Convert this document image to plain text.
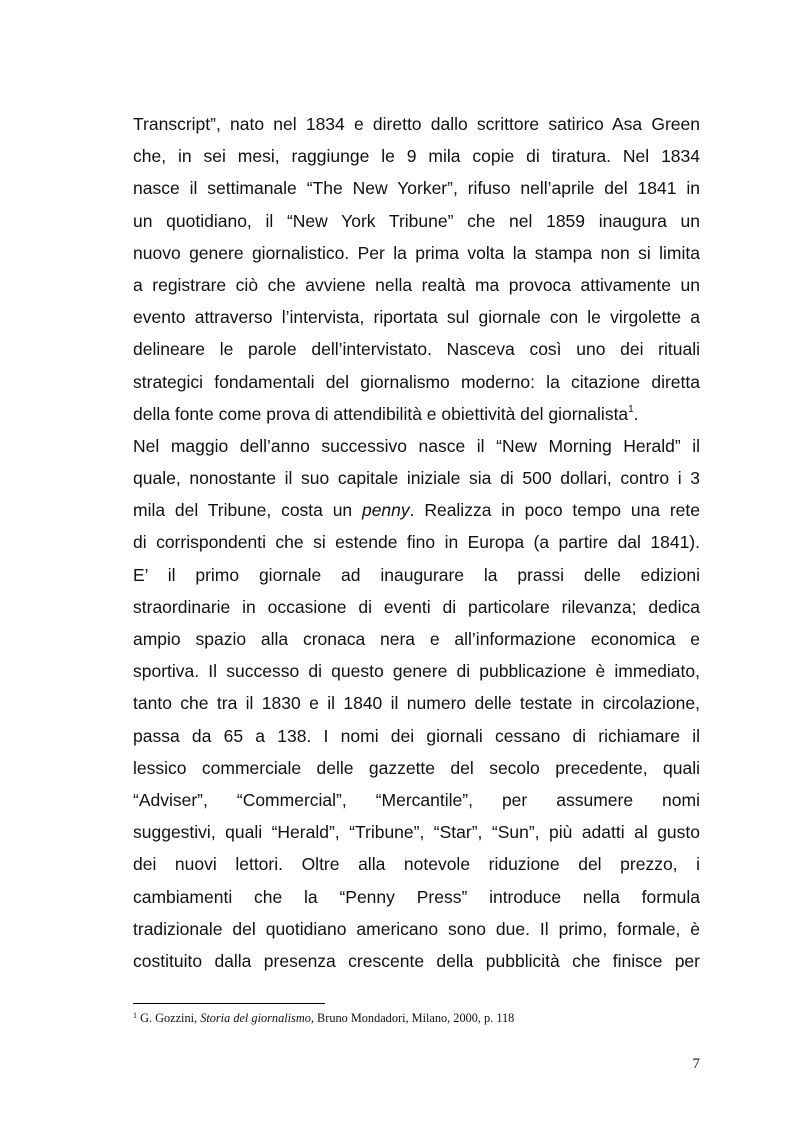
Transcript”, nato nel 1834 e diretto dallo scrittore satirico Asa Green
che, in sei mesi, raggiunge le 9 mila copie di tiratura. Nel 1834
nasce il settimanale “The New Yorker”, rifuso nell’aprile del 1841 in
un quotidiano, il “New York Tribune” che nel 1859 inaugura un
nuovo genere giornalistico. Per la prima volta la stampa non si limita
a registrare ciò che avviene nella realtà ma provoca attivamente un
evento attraverso l’intervista, riportata sul giornale con le virgolette a
delineare le parole dell’intervistato. Nasceva così uno dei rituali
strategici fondamentali del giornalismo moderno: la citazione diretta
della fonte come prova di attendibilità e obiettività del giornalista$^1$.
Nel maggio dell’anno successivo nasce il “New Morning Herald” il
quale, nonostante il suo capitale iniziale sia di 500 dollari, contro i 3
mila del Tribune, costa un penny. Realizza in poco tempo una rete
di corrispondenti che si estende fino in Europa (a partire dal 1841).
E’ il primo giornale ad inaugurare la prassi delle edizioni
straordinarie in occasione di eventi di particolare rilevanza; dedica
ampio spazio alla cronaca nera e all’informazione economica e
sportiva. Il successo di questo genere di pubblicazione è immediato,
tanto che tra il 1830 e il 1840 il numero delle testate in circolazione,
passa da 65 a 138. I nomi dei giornali cessano di richiamare il
lessico commerciale delle gazzette del secolo precedente, quali
“Adviser”, “Commercial”, “Mercantile”, per assumere nomi
suggestivi, quali “Herald”, “Tribune”, “Star”, “Sun”, più adatti al gusto
dei nuovi lettori. Oltre alla notevole riduzione del prezzo, i
cambiamenti che la “Penny Press” introduce nella formula
tradizionale del quotidiano americano sono due. Il primo, formale, è
costituito dalla presenza crescente della pubblicità che finisce per
$^1$ G. Gozzini, Storia del giornalismo, Bruno Mondadori, Milano, 2000, p. 118
7
